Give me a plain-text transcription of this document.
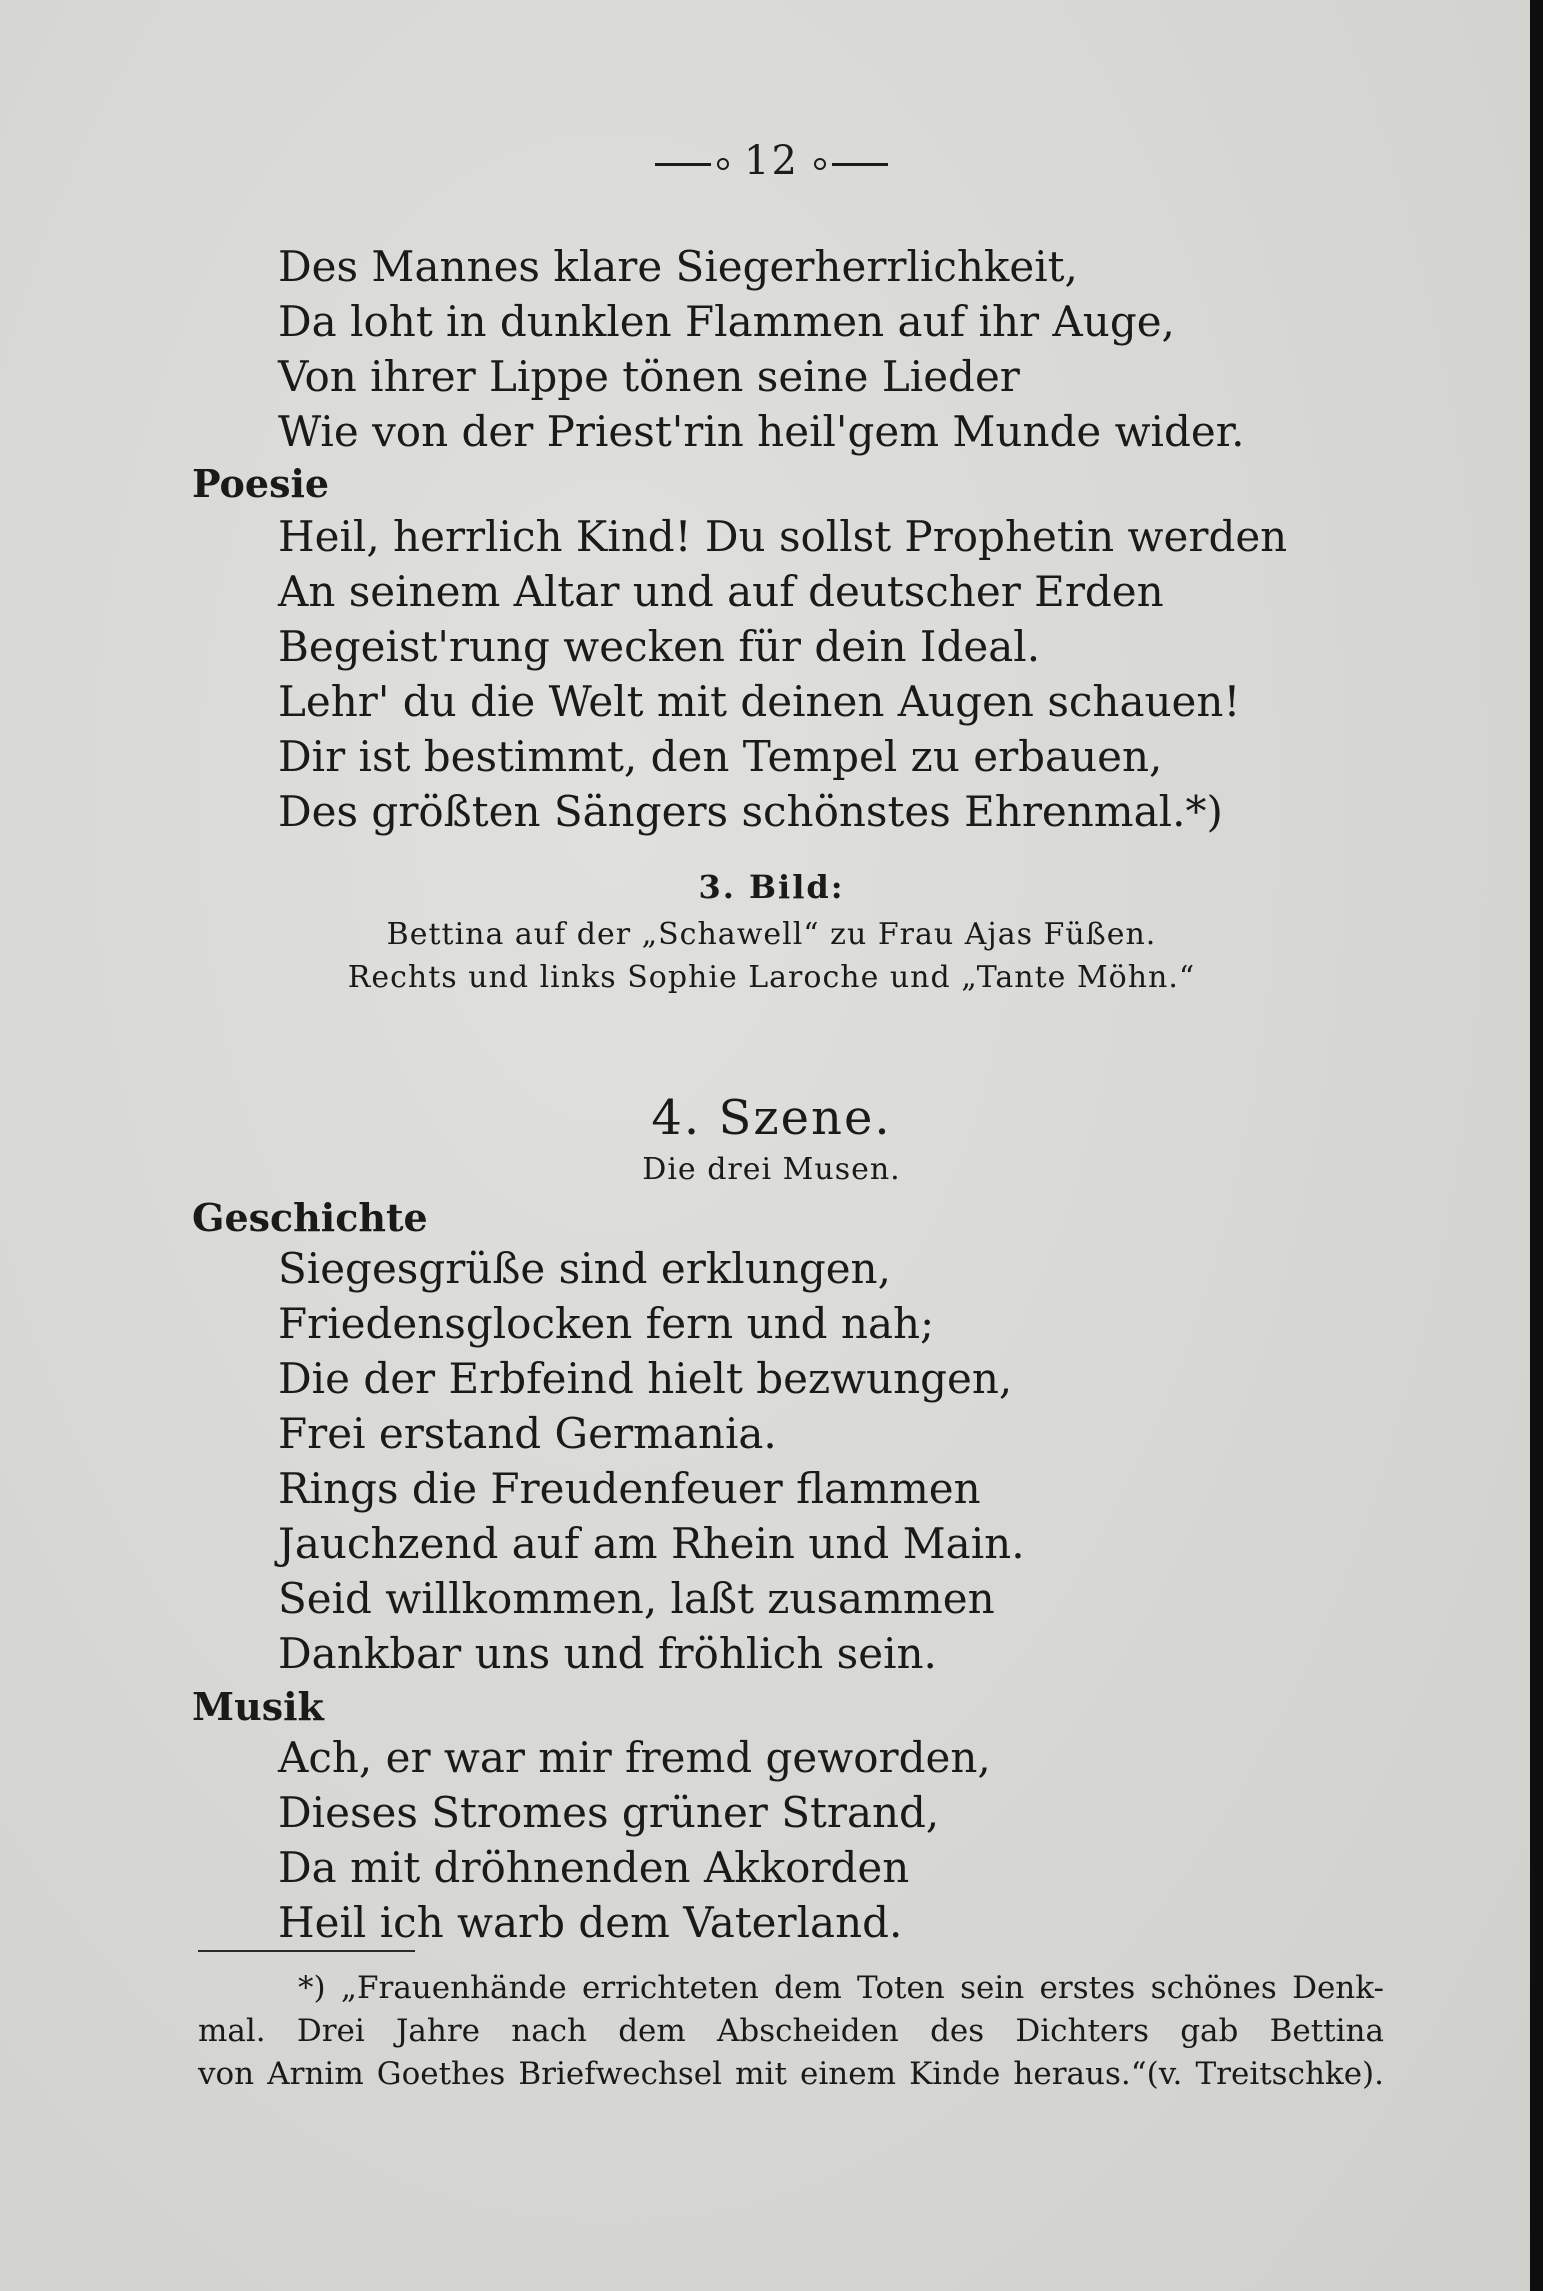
12
Des Mannes klare Siegerherrlichkeit,
Da loht in dunklen Flammen auf ihr Auge,
Von ihrer Lippe tönen seine Lieder
Wie von der Priest'rin heil'gem Munde wider.
Poesie
Heil, herrlich Kind! Du sollst Prophetin werden
An seinem Altar und auf deutscher Erden
Begeist'rung wecken für dein Ideal.
Lehr' du die Welt mit deinen Augen schauen!
Dir ist bestimmt, den Tempel zu erbauen,
Des größten Sängers schönstes Ehrenmal.*)
3. Bild:
Bettina auf der „Schawell“ zu Frau Ajas Füßen.
Rechts und links Sophie Laroche und „Tante Möhn.“
4. Szene.
Die drei Musen.
Geschichte
Siegesgrüße sind erklungen,
Friedensglocken fern und nah;
Die der Erbfeind hielt bezwungen,
Frei erstand Germania.
Rings die Freudenfeuer flammen
Jauchzend auf am Rhein und Main.
Seid willkommen, laßt zusammen
Dankbar uns und fröhlich sein.
Musik
Ach, er war mir fremd geworden,
Dieses Stromes grüner Strand,
Da mit dröhnenden Akkorden
Heil ich warb dem Vaterland.
*) „Frauenhände errichteten dem Toten sein erstes schönes Denk-
mal. Drei Jahre nach dem Abscheiden des Dichters gab Bettina
von Arnim Goethes Briefwechsel mit einem Kinde heraus.“(v. Treitschke).
